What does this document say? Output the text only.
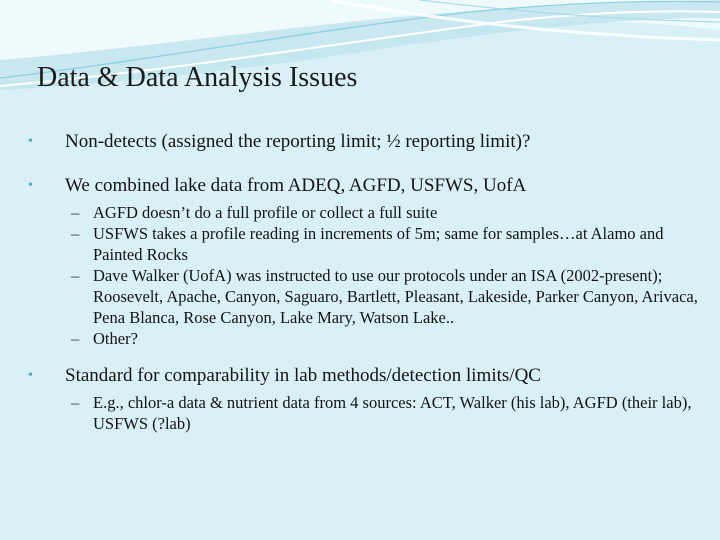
Data & Data Analysis Issues
• Non-detects (assigned the reporting limit; ½ reporting limit)?
• We combined lake data from ADEQ, AGFD, USFWS, UofA
– AGFD doesn’t do a full profile or collect a full suite
– USFWS takes a profile reading in increments of 5m; same for samples…at Alamo and Painted Rocks
– Dave Walker (UofA) was instructed to use our protocols under an ISA (2002-present); Roosevelt, Apache, Canyon, Saguaro, Bartlett, Pleasant, Lakeside, Parker Canyon, Arivaca, Pena Blanca, Rose Canyon, Lake Mary, Watson Lake..
– Other?
• Standard for comparability in lab methods/detection limits/QC
– E.g., chlor-a data & nutrient data from 4 sources: ACT, Walker (his lab), AGFD (their lab), USFWS (?lab)
